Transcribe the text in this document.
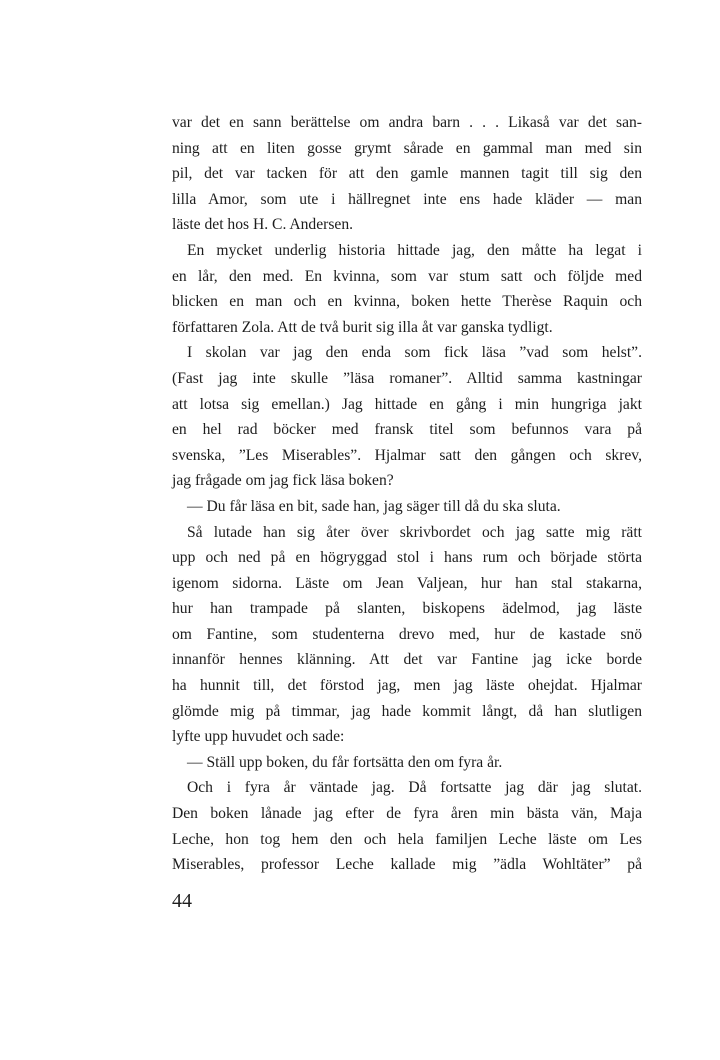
var det en sann berättelse om andra barn . . . Likaså var det san-
ning att en liten gosse grymt sårade en gammal man med sin
pil, det var tacken för att den gamle mannen tagit till sig den
lilla Amor, som ute i hällregnet inte ens hade kläder — man
läste det hos H. C. Andersen.
En mycket underlig historia hittade jag, den måtte ha legat i
en lår, den med. En kvinna, som var stum satt och följde med
blicken en man och en kvinna, boken hette Therèse Raquin och
författaren Zola. Att de två burit sig illa åt var ganska tydligt.
I skolan var jag den enda som fick läsa ”vad som helst”.
(Fast jag inte skulle ”läsa romaner”. Alltid samma kastningar
att lotsa sig emellan.) Jag hittade en gång i min hungriga jakt
en hel rad böcker med fransk titel som befunnos vara på
svenska, ”Les Miserables”. Hjalmar satt den gången och skrev,
jag frågade om jag fick läsa boken?
— Du får läsa en bit, sade han, jag säger till då du ska sluta.
Så lutade han sig åter över skrivbordet och jag satte mig rätt
upp och ned på en högryggad stol i hans rum och började störta
igenom sidorna. Läste om Jean Valjean, hur han stal stakarna,
hur han trampade på slanten, biskopens ädelmod, jag läste
om Fantine, som studenterna drevo med, hur de kastade snö
innanför hennes klänning. Att det var Fantine jag icke borde
ha hunnit till, det förstod jag, men jag läste ohejdat. Hjalmar
glömde mig på timmar, jag hade kommit långt, då han slutligen
lyfte upp huvudet och sade:
— Ställ upp boken, du får fortsätta den om fyra år.
Och i fyra år väntade jag. Då fortsatte jag där jag slutat.
Den boken lånade jag efter de fyra åren min bästa vän, Maja
Leche, hon tog hem den och hela familjen Leche läste om Les
Miserables, professor Leche kallade mig ”ädla Wohltäter” på
44
